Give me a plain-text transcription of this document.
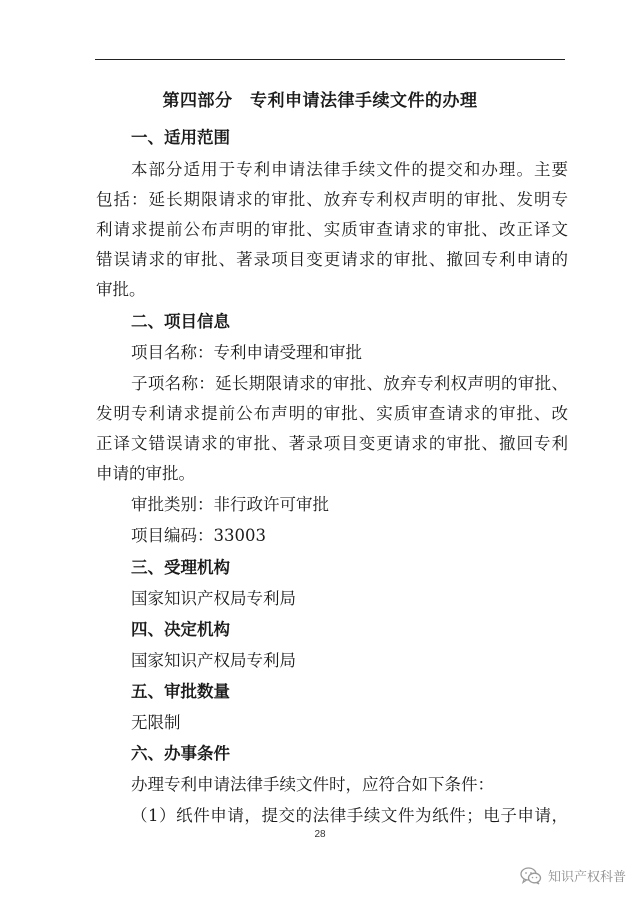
第四部分　专利申请法律手续文件的办理
一、适用范围
本部分适用于专利申请法律手续文件的提交和办理。主要
包括：延长期限请求的审批、放弃专利权声明的审批、发明专
利请求提前公布声明的审批、实质审查请求的审批、改正译文
错误请求的审批、著录项目变更请求的审批、撤回专利申请的
审批。
二、项目信息
项目名称：专利申请受理和审批
子项名称：延长期限请求的审批、放弃专利权声明的审批、
发明专利请求提前公布声明的审批、实质审查请求的审批、改
正译文错误请求的审批、著录项目变更请求的审批、撤回专利
申请的审批。
审批类别：非行政许可审批
项目编码：33003
三、受理机构
国家知识产权局专利局
四、决定机构
国家知识产权局专利局
五、审批数量
无限制
六、办事条件
办理专利申请法律手续文件时，应符合如下条件：
（1）纸件申请，提交的法律手续文件为纸件；电子申请，
28
知识产权科普
